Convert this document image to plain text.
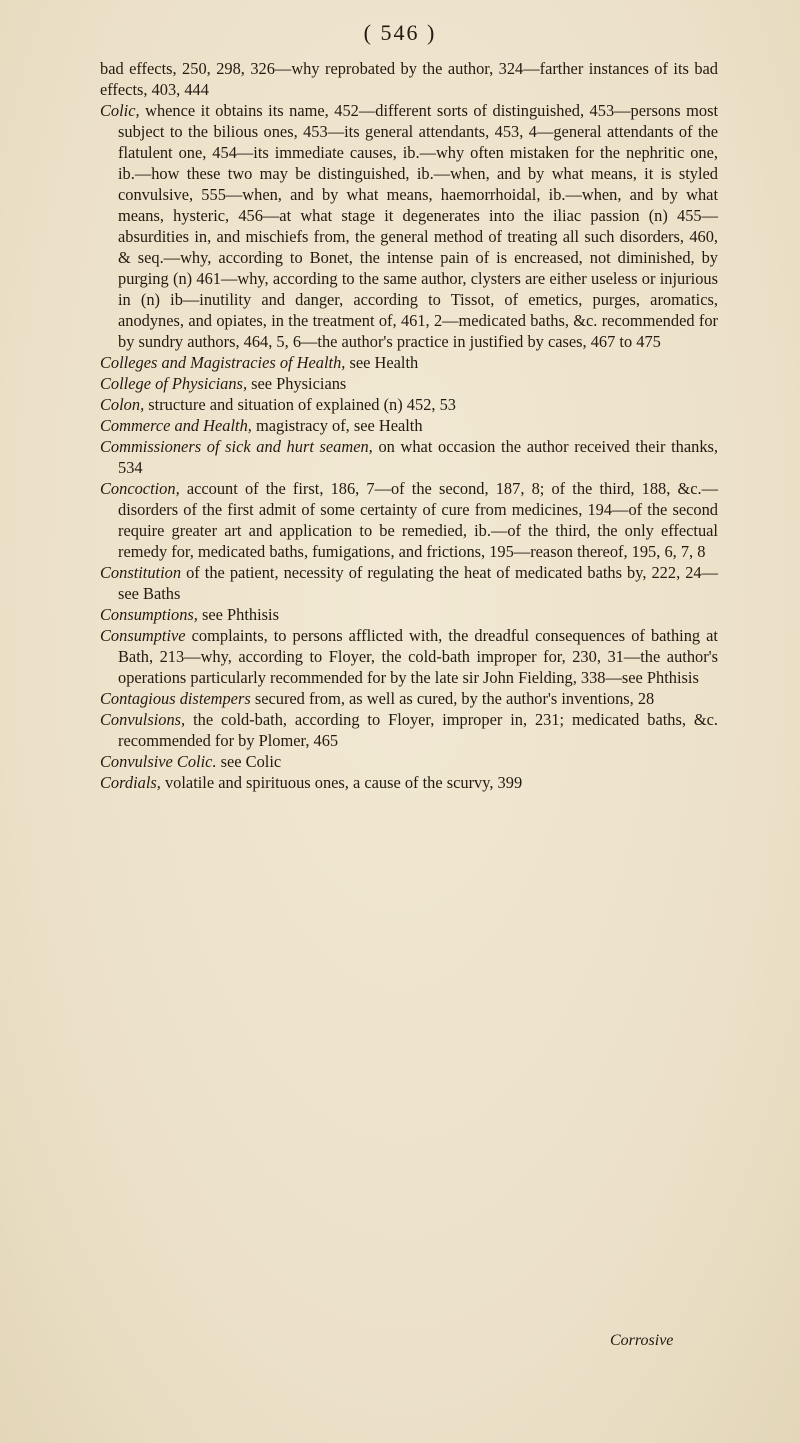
( 546 )

bad effects, 250, 298, 326—why reprobated by the author, 324—farther instances of its bad effects, 403, 444

Colic, whence it obtains its name, 452—different sorts of distinguished, 453—persons most subject to the bilious ones, 453—its general attendants, 453, 4—general attendants of the flatulent one, 454—its immediate causes, ib.—why often mistaken for the nephritic one, ib.—how these two may be distinguished, ib.—when, and by what means, it is styled convulsive, 555—when, and by what means, haemorrhoidal, ib.—when, and by what means, hysteric, 456—at what stage it degenerates into the iliac passion (n) 455—absurdities in, and mischiefs from, the general method of treating all such disorders, 460, & seq.—why, according to Bonet, the intense pain of is encreased, not diminished, by purging (n) 461—why, according to the same author, clysters are either useless or injurious in (n) ib—inutility and danger, according to Tissot, of emetics, purges, aromatics, anodynes, and opiates, in the treatment of, 461, 2—medicated baths, &c. recommended for by sundry authors, 464, 5, 6—the author's practice in justified by cases, 467 to 475

Colleges and Magistracies of Health, see Health

College of Physicians, see Physicians

Colon, structure and situation of explained (n) 452, 53

Commerce and Health, magistracy of, see Health

Commissioners of sick and hurt seamen, on what occasion the author received their thanks, 534

Concoction, account of the first, 186, 7—of the second, 187, 8; of the third, 188, &c.—disorders of the first admit of some certainty of cure from medicines, 194—of the second require greater art and application to be remedied, ib.—of the third, the only effectual remedy for, medicated baths, fumigations, and frictions, 195—reason thereof, 195, 6, 7, 8

Constitution of the patient, necessity of regulating the heat of medicated baths by, 222, 24—see Baths

Consumptions, see Phthisis

Consumptive complaints, to persons afflicted with, the dreadful consequences of bathing at Bath, 213—why, according to Floyer, the cold-bath improper for, 230, 31—the author's operations particularly recommended for by the late sir John Fielding, 338—see Phthisis

Contagious distempers secured from, as well as cured, by the author's inventions, 28

Convulsions, the cold-bath, according to Floyer, improper in, 231; medicated baths, &c. recommended for by Plomer, 465

Convulsive Colic. see Colic

Cordials, volatile and spirituous ones, a cause of the scurvy, 399

Corrosive
